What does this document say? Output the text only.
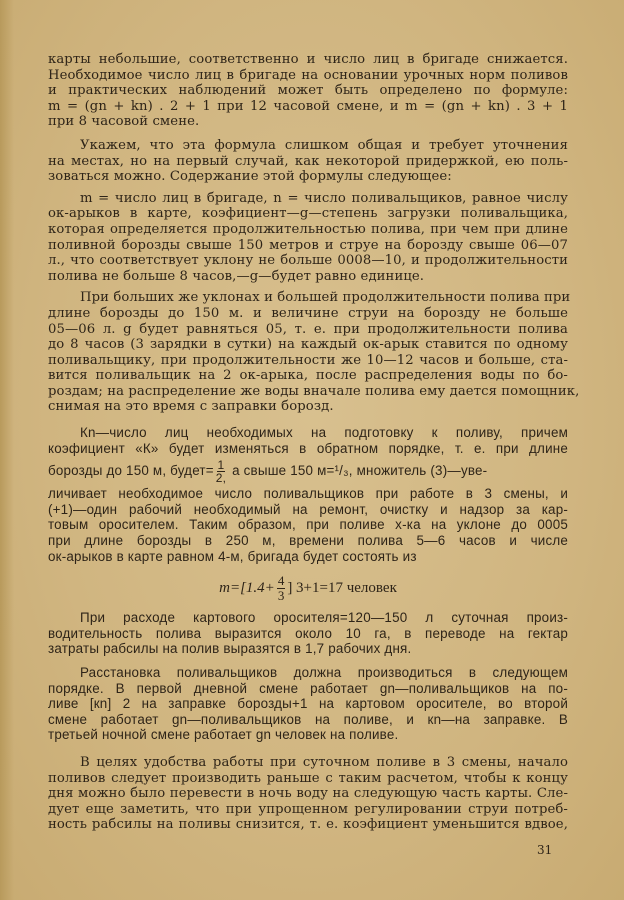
карты небольшие, соответственно и число лиц в бригаде снижается.
Необходимое число лиц в бригаде на основании урочных норм поливов
и практических наблюдений может быть определено по формуле:
m = (gn + kn) . 2 + 1 при 12 часовой смене, и m = (gn + kn) . 3 + 1
при 8 часовой смене.
Укажем, что эта формула слишком общая и требует уточнения
на местах, но на первый случай, как некоторой придержкой, ею поль-
зоваться можно. Содержание этой формулы следующее:
m = число лиц в бригаде, n = число поливальщиков, равное числу
ок-арыков в карте, коэфициент—g—степень загрузки поливальщика,
которая определяется продолжительностью полива, при чем при длине
поливной борозды свыше 150 метров и струе на борозду свыше 06—07
л., что соответствует уклону не больше 0008—10, и продолжительности
полива не больше 8 часов,—g—будет равно единице.
При больших же уклонах и большей продолжительности полива при
длине борозды до 150 м. и величине струи на борозду не больше
05—06 л. g будет равняться 05, т. е. при продолжительности полива
до 8 часов (3 зарядки в сутки) на каждый ок-арык ставится по одному
поливальщику, при продолжительности же 10—12 часов и больше, ста-
вится поливальщик на 2 ок-арыка, после распределения воды по бо-
роздам; на распределение же воды вначале полива ему дается помощник,
снимая на это время с заправки борозд.
Кn—число лиц необходимых на подготовку к поливу, причем
коэфициент «К» будет изменяться в обратном порядке, т. е. при длине
борозды до 150 м, будет= $\frac{1}{2,}$ а свыше 150 м=¹/₃, множитель (3)—уве-
личивает необходимое число поливальщиков при работе в 3 смены, и
(+1)—один рабочий необходимый на ремонт, очистку и надзор за кар-
товым оросителем. Таким образом, при поливе х-ка на уклоне до 0005
при длине борозды в 250 м, времени полива 5—6 часов и числе
ок-арыков в карте равном 4-м, бригада будет состоять из
$m=[1.4+ \frac{4}{3}$ ] 3+1=17 человек
При расходе картового оросителя=120—150 л суточная произ-
водительность полива выразится около 10 га, в переводе на гектар
затраты рабсилы на полив выразятся в 1,7 рабочих дня.
Расстановка поливальщиков должна производиться в следующем
порядке. В первой дневной смене работает gn—поливальщиков на по-
ливе [кn] 2 на заправке борозды+1 на картовом оросителе, во второй
смене работает gn—поливальщиков на поливе, и кn—на заправке. В
третьей ночной смене работает gn человек на поливе.
В целях удобства работы при суточном поливе в 3 смены, начало
поливов следует производить раньше с таким расчетом, чтобы к концу
дня можно было перевести в ночь воду на следующую часть карты. Сле-
дует еще заметить, что при упрощенном регулировании струи потреб-
ность рабсилы на поливы снизится, т. е. коэфициент уменьшится вдвое,
31
